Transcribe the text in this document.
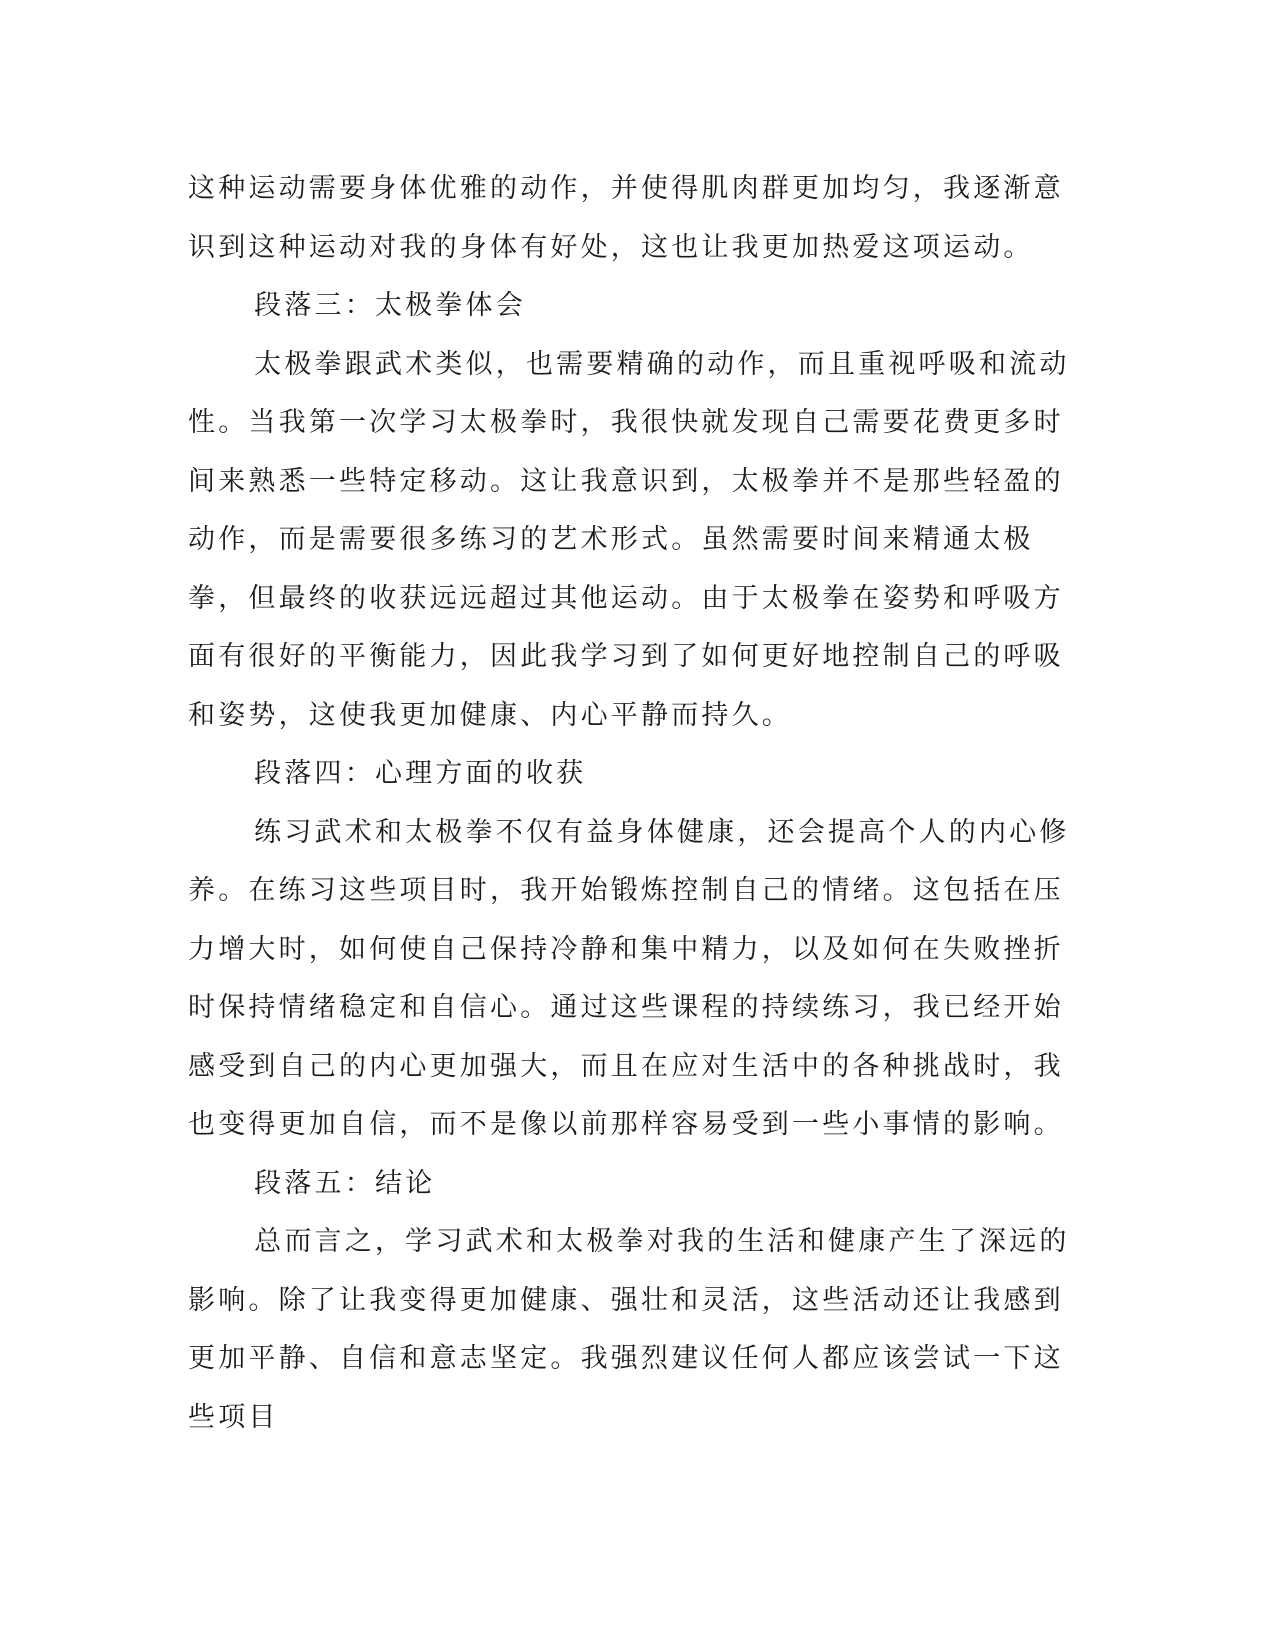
这种运动需要身体优雅的动作，并使得肌肉群更加均匀，我逐渐意识到这种运动对我的身体有好处，这也让我更加热爱这项运动。

段落三：太极拳体会

太极拳跟武术类似，也需要精确的动作，而且重视呼吸和流动性。当我第一次学习太极拳时，我很快就发现自己需要花费更多时间来熟悉一些特定移动。这让我意识到，太极拳并不是那些轻盈的动作，而是需要很多练习的艺术形式。虽然需要时间来精通太极拳，但最终的收获远远超过其他运动。由于太极拳在姿势和呼吸方面有很好的平衡能力，因此我学习到了如何更好地控制自己的呼吸和姿势，这使我更加健康、内心平静而持久。

段落四：心理方面的收获

练习武术和太极拳不仅有益身体健康，还会提高个人的内心修养。在练习这些项目时，我开始锻炼控制自己的情绪。这包括在压力增大时，如何使自己保持冷静和集中精力，以及如何在失败挫折时保持情绪稳定和自信心。通过这些课程的持续练习，我已经开始感受到自己的内心更加强大，而且在应对生活中的各种挑战时，我也变得更加自信，而不是像以前那样容易受到一些小事情的影响。

段落五：结论

总而言之，学习武术和太极拳对我的生活和健康产生了深远的影响。除了让我变得更加健康、强壮和灵活，这些活动还让我感到更加平静、自信和意志坚定。我强烈建议任何人都应该尝试一下这些项目
